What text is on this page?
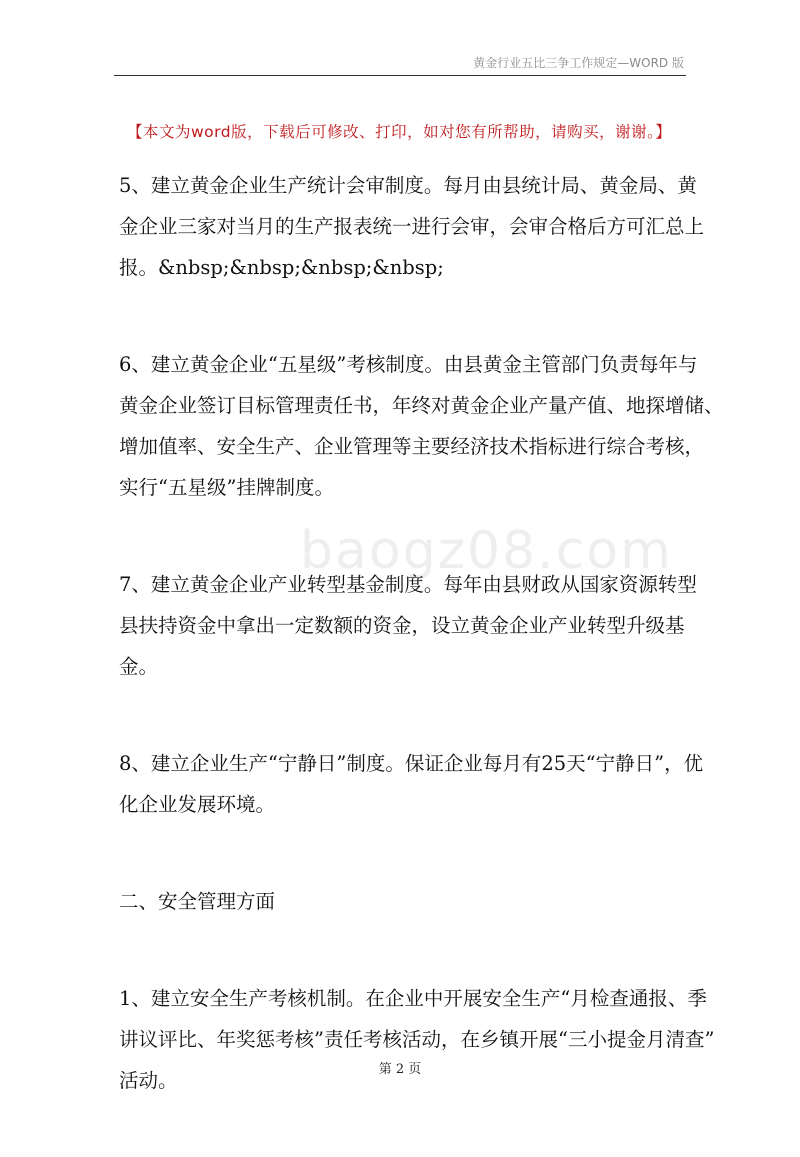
黄金行业五比三争工作规定—WORD 版
【本文为word版，下载后可修改、打印，如对您有所帮助，请购买，谢谢。】
baogz08.com
5、建立黄金企业生产统计会审制度。每月由县统计局、黄金局、黄
金企业三家对当月的生产报表统一进行会审，会审合格后方可汇总上
报。&nbsp;&nbsp;&nbsp;&nbsp;
6、建立黄金企业“五星级”考核制度。由县黄金主管部门负责每年与
黄金企业签订目标管理责任书，年终对黄金企业产量产值、地探增储、
增加值率、安全生产、企业管理等主要经济技术指标进行综合考核，
实行“五星级”挂牌制度。
7、建立黄金企业产业转型基金制度。每年由县财政从国家资源转型
县扶持资金中拿出一定数额的资金，设立黄金企业产业转型升级基
金。
8、建立企业生产“宁静日”制度。保证企业每月有25天“宁静日”，优
化企业发展环境。
二、安全管理方面
1、建立安全生产考核机制。在企业中开展安全生产“月检查通报、季
讲议评比、年奖惩考核”责任考核活动，在乡镇开展“三小提金月清查”
活动。	第 2 页
